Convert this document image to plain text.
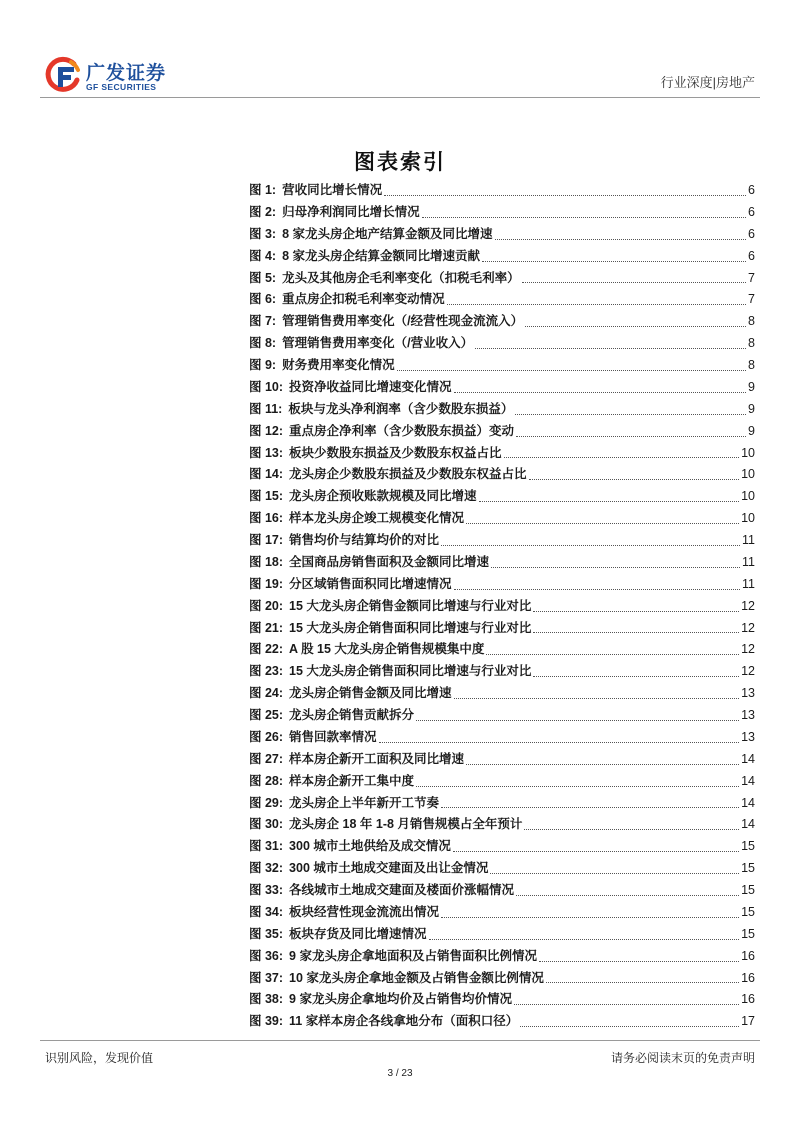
广发证券
GF SECURITIES	行业深度|房地产
图表索引
图 1: 营收同比增长情况	6
图 2: 归母净利润同比增长情况	6
图 3: 8 家龙头房企地产结算金额及同比增速	6
图 4: 8 家龙头房企结算金额同比增速贡献	6
图 5: 龙头及其他房企毛利率变化（扣税毛利率）	7
图 6: 重点房企扣税毛利率变动情况	7
图 7: 管理销售费用率变化（/经营性现金流流入）	8
图 8: 管理销售费用率变化（/营业收入）	8
图 9: 财务费用率变化情况	8
图 10: 投资净收益同比增速变化情况	9
图 11: 板块与龙头净利润率（含少数股东损益）	9
图 12: 重点房企净利率（含少数股东损益）变动	9
图 13: 板块少数股东损益及少数股东权益占比	10
图 14: 龙头房企少数股东损益及少数股东权益占比	10
图 15: 龙头房企预收账款规模及同比增速	10
图 16: 样本龙头房企竣工规模变化情况	10
图 17: 销售均价与结算均价的对比	11
图 18: 全国商品房销售面积及金额同比增速	11
图 19: 分区域销售面积同比增速情况	11
图 20: 15 大龙头房企销售金额同比增速与行业对比	12
图 21: 15 大龙头房企销售面积同比增速与行业对比	12
图 22: A 股 15 大龙头房企销售规模集中度	12
图 23: 15 大龙头房企销售面积同比增速与行业对比	12
图 24: 龙头房企销售金额及同比增速	13
图 25: 龙头房企销售贡献拆分	13
图 26: 销售回款率情况	13
图 27: 样本房企新开工面积及同比增速	14
图 28: 样本房企新开工集中度	14
图 29: 龙头房企上半年新开工节奏	14
图 30: 龙头房企 18 年 1-8 月销售规模占全年预计	14
图 31: 300 城市土地供给及成交情况	15
图 32: 300 城市土地成交建面及出让金情况	15
图 33: 各线城市土地成交建面及楼面价涨幅情况	15
图 34: 板块经营性现金流流出情况	15
图 35: 板块存货及同比增速情况	15
图 36: 9 家龙头房企拿地面积及占销售面积比例情况	16
图 37: 10 家龙头房企拿地金额及占销售金额比例情况	16
图 38: 9 家龙头房企拿地均价及占销售均价情况	16
图 39: 11 家样本房企各线拿地分布（面积口径）	17
识别风险，发现价值	请务必阅读末页的免责声明
3 / 23
